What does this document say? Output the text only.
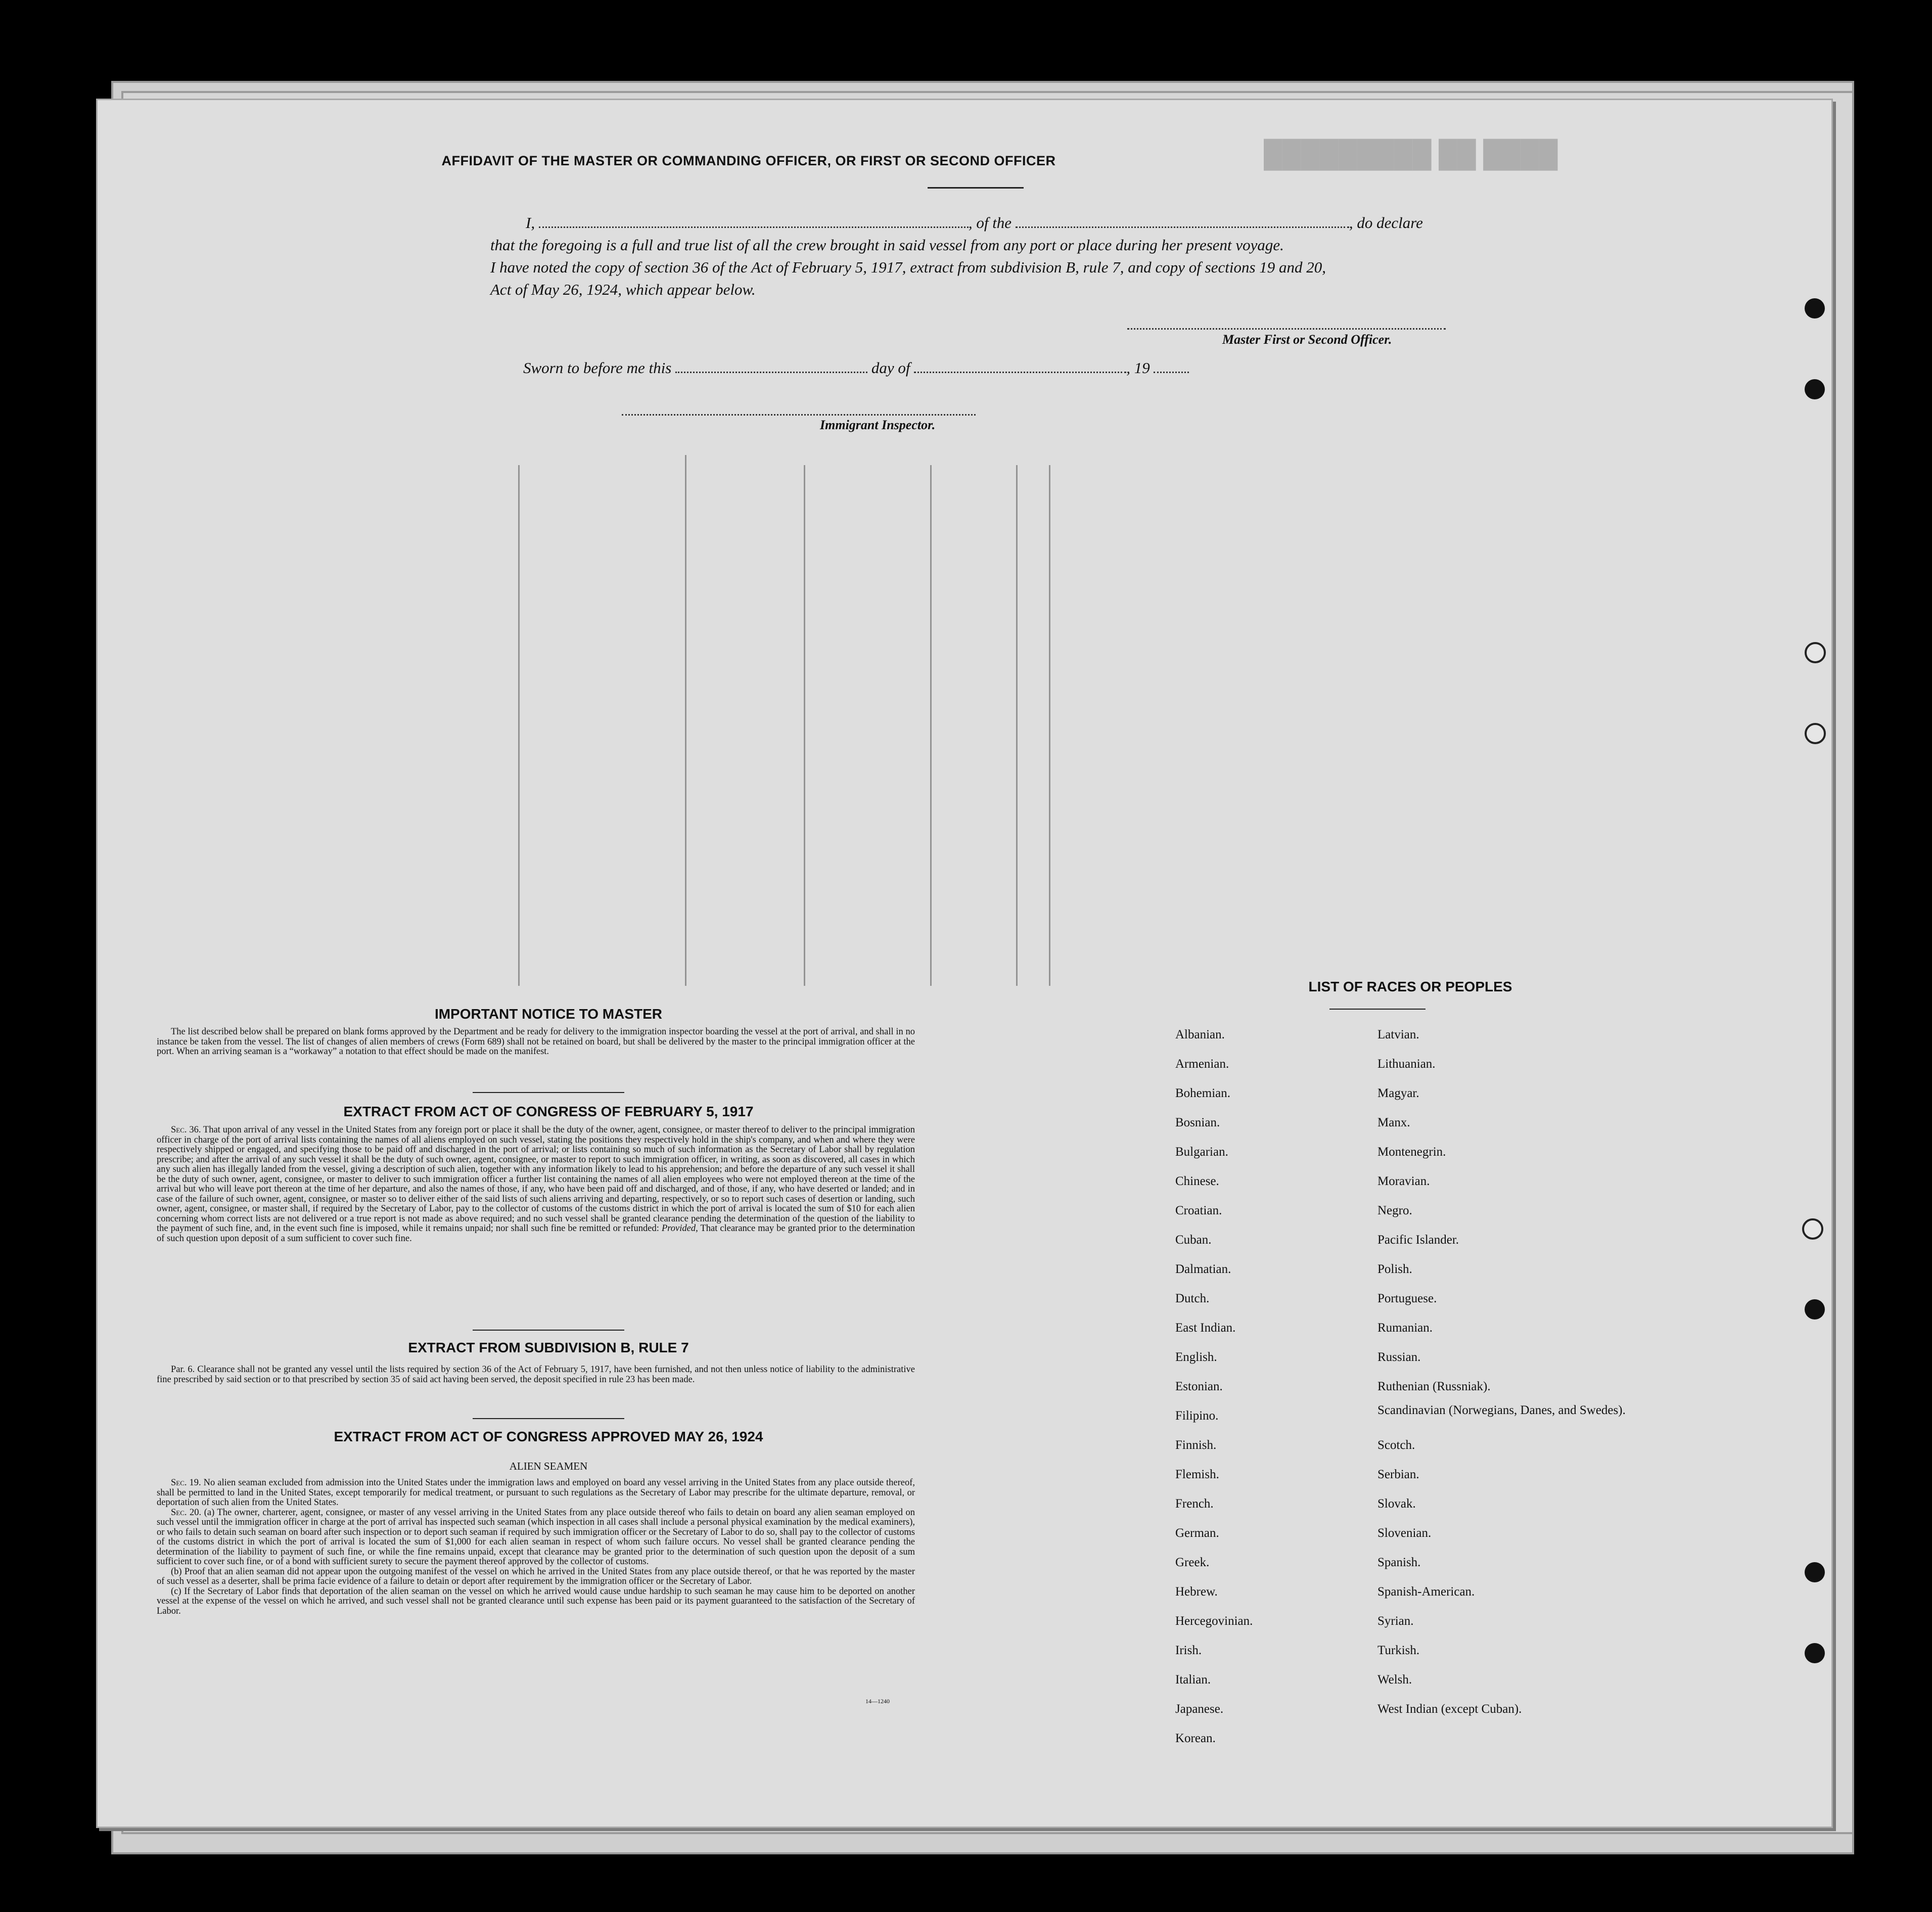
████ ██ █████████
AFFIDAVIT OF THE MASTER OR COMMANDING OFFICER, OR FIRST OR SECOND OFFICER
I,	, of the	, do declare
that the foregoing is a full and true list of all the crew brought in said vessel from any port or place during her present voyage.
I have noted the copy of section 36 of the Act of February 5, 1917, extract from subdivision B, rule 7, and copy of sections 19 and 20,
Act of May 26, 1924, which appear below.
Master First or Second Officer.
Sworn to before me this	day of	, 19
Immigrant Inspector.
IMPORTANT NOTICE TO MASTER
The list described below shall be prepared on blank forms approved by the Department and be ready for delivery to the immigration inspector boarding the vessel at the port of arrival, and shall in no instance be taken from the vessel. The list of changes of alien members of crews (Form 689) shall not be retained on board, but shall be delivered by the master to the principal immigration officer at the port. When an arriving seaman is a “workaway” a notation to that effect should be made on the manifest.
EXTRACT FROM ACT OF CONGRESS OF FEBRUARY 5, 1917
Sec. 36. That upon arrival of any vessel in the United States from any foreign port or place it shall be the duty of the owner, agent, consignee, or master thereof to deliver to the principal immigration officer in charge of the port of arrival lists containing the names of all aliens employed on such vessel, stating the positions they respectively hold in the ship's company, and when and where they were respectively shipped or engaged, and specifying those to be paid off and discharged in the port of arrival; or lists containing so much of such information as the Secretary of Labor shall by regulation prescribe; and after the arrival of any such vessel it shall be the duty of such owner, agent, consignee, or master to report to such immigration officer, in writing, as soon as discovered, all cases in which any such alien has illegally landed from the vessel, giving a description of such alien, together with any information likely to lead to his apprehension; and before the departure of any such vessel it shall be the duty of such owner, agent, consignee, or master to deliver to such immigration officer a further list containing the names of all alien employees who were not employed thereon at the time of the arrival but who will leave port thereon at the time of her departure, and also the names of those, if any, who have been paid off and discharged, and of those, if any, who have deserted or landed; and in case of the failure of such owner, agent, consignee, or master so to deliver either of the said lists of such aliens arriving and departing, respectively, or so to report such cases of desertion or landing, such owner, agent, consignee, or master shall, if required by the Secretary of Labor, pay to the collector of customs of the customs district in which the port of arrival is located the sum of $10 for each alien concerning whom correct lists are not delivered or a true report is not made as above required; and no such vessel shall be granted clearance pending the determination of the question of the liability to the payment of such fine, and, in the event such fine is imposed, while it remains unpaid; nor shall such fine be remitted or refunded: Provided, That clearance may be granted prior to the determination of such question upon deposit of a sum sufficient to cover such fine.
EXTRACT FROM SUBDIVISION B, RULE 7
Par. 6. Clearance shall not be granted any vessel until the lists required by section 36 of the Act of February 5, 1917, have been furnished, and not then unless notice of liability to the administrative fine prescribed by said section or to that prescribed by section 35 of said act having been served, the deposit specified in rule 23 has been made.
EXTRACT FROM ACT OF CONGRESS APPROVED MAY 26, 1924
ALIEN SEAMEN
Sec. 19. No alien seaman excluded from admission into the United States under the immigration laws and employed on board any vessel arriving in the United States from any place outside thereof, shall be permitted to land in the United States, except temporarily for medical treatment, or pursuant to such regulations as the Secretary of Labor may prescribe for the ultimate departure, removal, or deportation of such alien from the United States.
Sec. 20. (a) The owner, charterer, agent, consignee, or master of any vessel arriving in the United States from any place outside thereof who fails to detain on board any alien seaman employed on such vessel until the immigration officer in charge at the port of arrival has inspected such seaman (which inspection in all cases shall include a personal physical examination by the medical examiners), or who fails to detain such seaman on board after such inspection or to deport such seaman if required by such immigration officer or the Secretary of Labor to do so, shall pay to the collector of customs of the customs district in which the port of arrival is located the sum of $1,000 for each alien seaman in respect of whom such failure occurs. No vessel shall be granted clearance pending the determination of the liability to payment of such fine, or while the fine remains unpaid, except that clearance may be granted prior to the determination of such question upon the deposit of a sum sufficient to cover such fine, or of a bond with sufficient surety to secure the payment thereof approved by the collector of customs.
(b) Proof that an alien seaman did not appear upon the outgoing manifest of the vessel on which he arrived in the United States from any place outside thereof, or that he was reported by the master of such vessel as a deserter, shall be prima facie evidence of a failure to detain or deport after requirement by the immigration officer or the Secretary of Labor.
(c) If the Secretary of Labor finds that deportation of the alien seaman on the vessel on which he arrived would cause undue hardship to such seaman he may cause him to be deported on another vessel at the expense of the vessel on which he arrived, and such vessel shall not be granted clearance until such expense has been paid or its payment guaranteed to the satisfaction of the Secretary of Labor.
14—1240
LIST OF RACES OR PEOPLES
Albanian.
Armenian.
Bohemian.
Bosnian.
Bulgarian.
Chinese.
Croatian.
Cuban.
Dalmatian.
Dutch.
East Indian.
English.
Estonian.
Filipino.
Finnish.
Flemish.
French.
German.
Greek.
Hebrew.
Hercegovinian.
Irish.
Italian.
Japanese.
Korean.
Latvian.
Lithuanian.
Magyar.
Manx.
Montenegrin.
Moravian.
Negro.
Pacific Islander.
Polish.
Portuguese.
Rumanian.
Russian.
Ruthenian (Russniak).
Scandinavian (Norwegians, Danes, and Swedes).
Scotch.
Serbian.
Slovak.
Slovenian.
Spanish.
Spanish-American.
Syrian.
Turkish.
Welsh.
West Indian (except Cuban).
